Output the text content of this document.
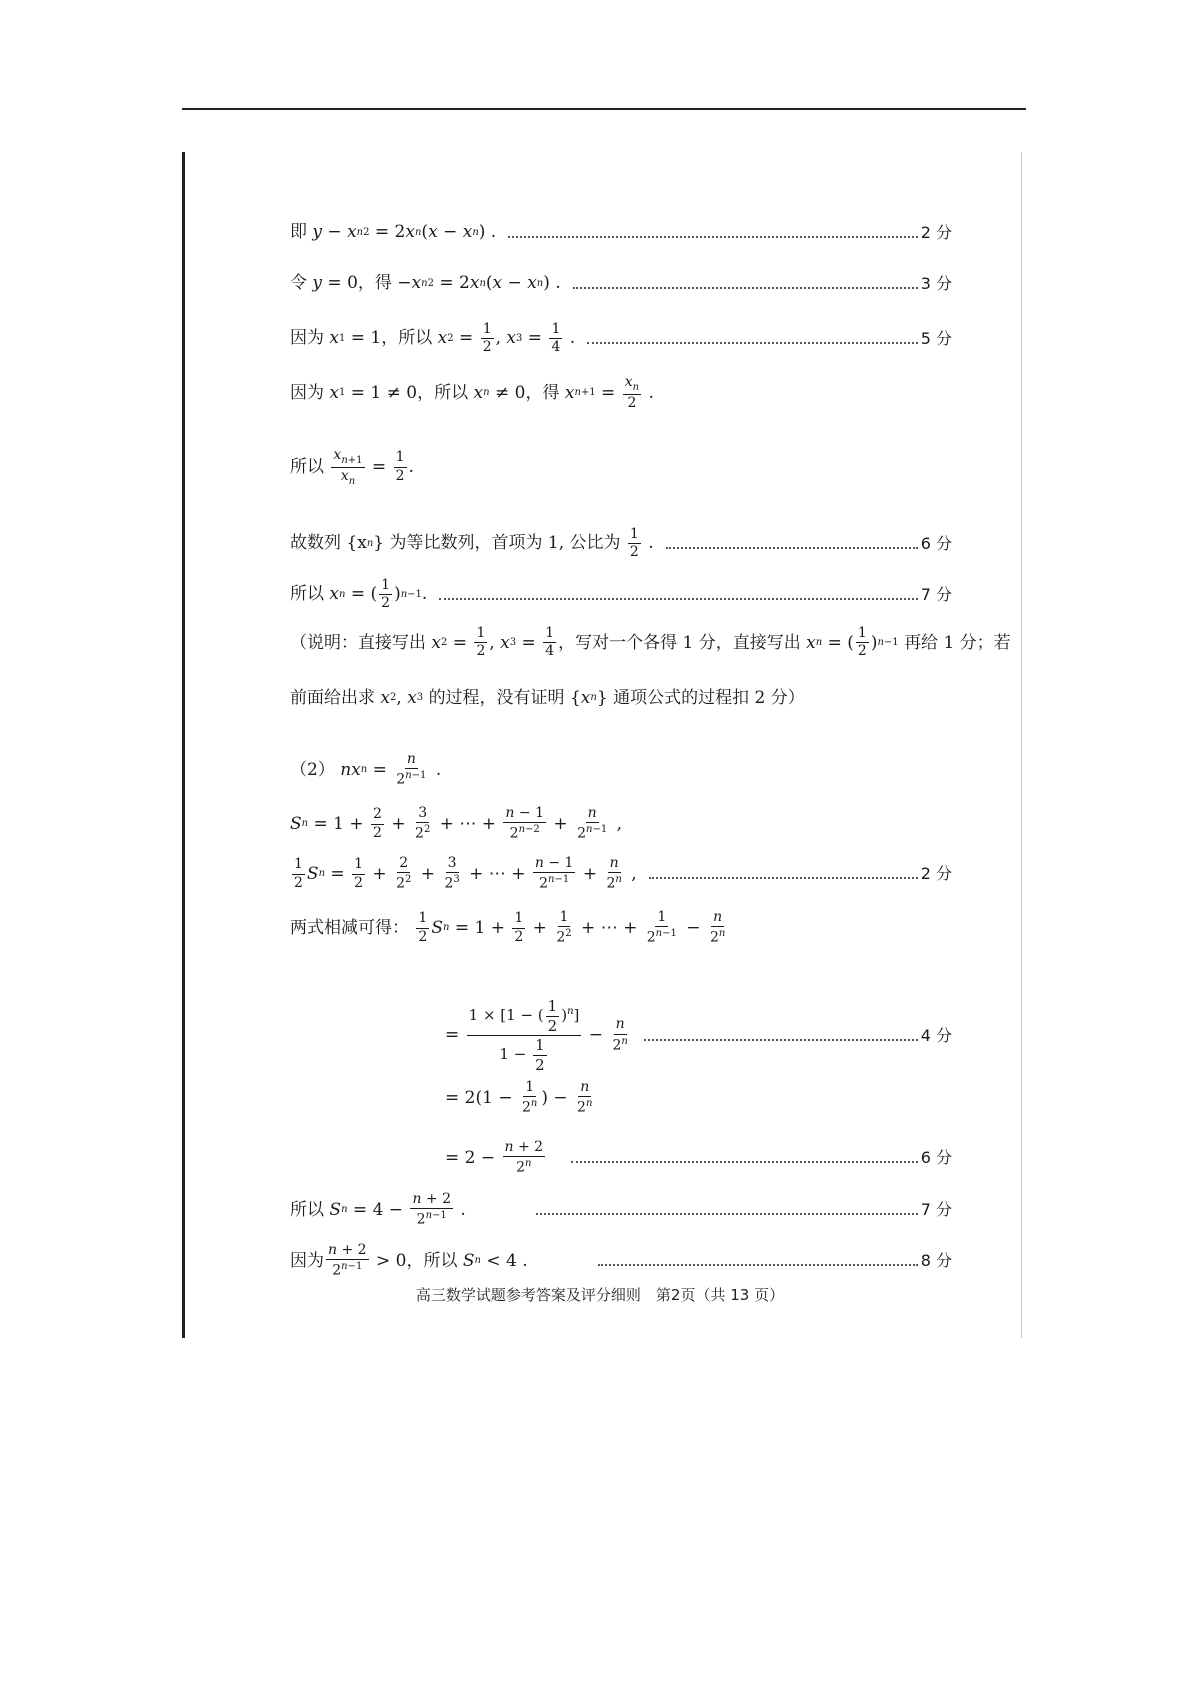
即
y − x n 2 = 2 x n ( x − x n ) .	2 分
令
y = 0 ，得 − x n 2 = 2 x n ( x − x n ) .	3 分
因为
x 1 = 1 ，所以
x $2 = \frac{1}{2}$ , x $3 = \frac{1}{4}$ .	5 分
因为
x 1 = 1 ≠ 0 ，所以
x n ≠ 0 ，得
x $n+1 = \frac{x_n}{2}$ .
所以
$\frac{x_{n+1}}{x_n} = \frac{1}{2}$ .
故数列 {x n } 为等比数列，首项为 1, 公比为
$\frac{1}{2}$ .	6 分
所以
x n = ( $\frac{1}{2}$ ) n−1 .	7 分
（说明：直接写出
x $2 = \frac{1}{2}$ , x $3 = \frac{1}{4}$ ，写对一个各得 1 分，直接写出
x n = ( $\frac{1}{2}$ ) n−1
再给 1 分；若
前面给出求
x 2 , x 3
的过程，没有证明 { x n } 通项公式的过程扣 2 分）
（2）
nx $n = \frac{n}{2^{n-1}}$ .
S $n = 1 + \frac{2}{2} + \frac{3}{2^2}$ + ⋯ + $\frac{n - 1}{2^{n-2}} + \frac{n}{2^{n-1}}$ ,
$\frac{1}{2}$ S $n = \frac{1}{2} + \frac{2}{2^2} + \frac{3}{2^3}$ + ⋯ + $\frac{n - 1}{2^{n-1}} + \frac{n}{2^n}$ ,	2 分
两式相减可得：
$\frac{1}{2}$ S $n = 1 + \frac{1}{2} + \frac{1}{2^2}$ + ⋯ + $\frac{1}{2^{n-1}} - \frac{n}{2^n}$
= $\frac{1 \times [1 - ( \frac{1}{2} )^n]}{1 - \frac{1}{2}} - \frac{n}{2^n}$	4 分
= $2(1 - \frac{1}{2^n}$ ) − $\frac{n}{2^n}$
= $2 - \frac{n + 2}{2^n}$	6 分
所以
S $n = 4 - \frac{n + 2}{2^{n-1}}$ .	7 分
因为 $\frac{n + 2}{2^{n-1}} > 0$ ，所以
S n < 4 .	8 分
高三数学试题参考答案及评分细则　第2页（共 13 页）
